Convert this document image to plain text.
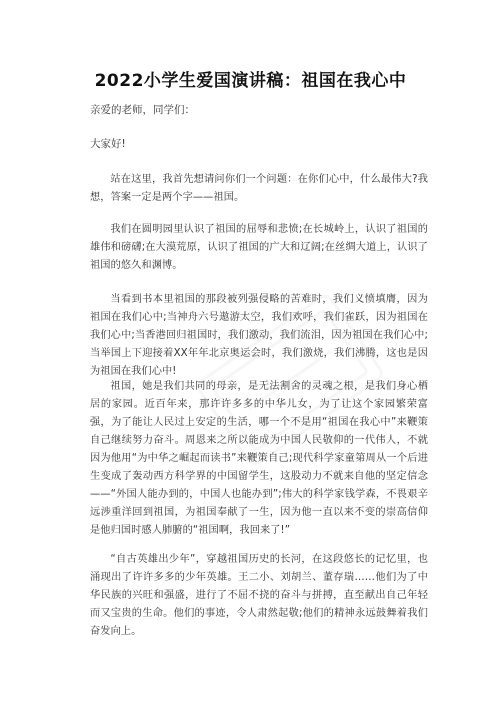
2022小学生爱国演讲稿：祖国在我心中
亲爱的老师，同学们：
大家好!
站在这里，我首先想请问你们一个问题：在你们心中，什么最伟大?我想，答案一定是两个字——祖国。
我们在圆明园里认识了祖国的屈辱和悲愤;在长城岭上，认识了祖国的雄伟和磅礴;在大漠荒原，认识了祖国的广大和辽阔;在丝绸大道上，认识了祖国的悠久和渊博。
当看到书本里祖国的那段被列强侵略的苦难时，我们义愤填膺，因为祖国在我们心中;当神舟六号遨游太空，我们欢呼，我们雀跃，因为祖国在我们心中;当香港回归祖国时，我们激动，我们流泪，因为祖国在我们心中;当举国上下迎接着XX年年北京奥运会时，我们激烧，我们沸腾，这也是因为祖国在我们心中!
祖国，她是我们共同的母亲，是无法割舍的灵魂之根，是我们身心栖居的家园。近百年来，那许许多多的中华儿女，为了让这个家园繁荣富强，为了能让人民过上安定的生活，哪一个不是用“祖国在我心中”来鞭策自己继续努力奋斗。周恩来之所以能成为中国人民敬仰的一代伟人，不就因为他用“为中华之崛起而读书”来鞭策自己;现代科学家童第周从一个后进生变成了轰动西方科学界的中国留学生，这股动力不就来自他的坚定信念——“外国人能办到的，中国人也能办到”;伟大的科学家钱学森，不畏艰辛远涉重洋回到祖国，为祖国奉献了一生，因为他一直以来不变的崇高信仰是他归国时感人肺腑的“祖国啊，我回来了!”
“自古英雄出少年”，穿越祖国历史的长河，在这段悠长的记忆里，也涌现出了许许多多的少年英雄。王二小、刘胡兰、董存瑞……他们为了中华民族的兴旺和强盛，进行了不屈不挠的奋斗与拼搏，直至献出自己年轻而又宝贵的生命。他们的事迹，令人肃然起敬;他们的精神永远鼓舞着我们奋发向上。
